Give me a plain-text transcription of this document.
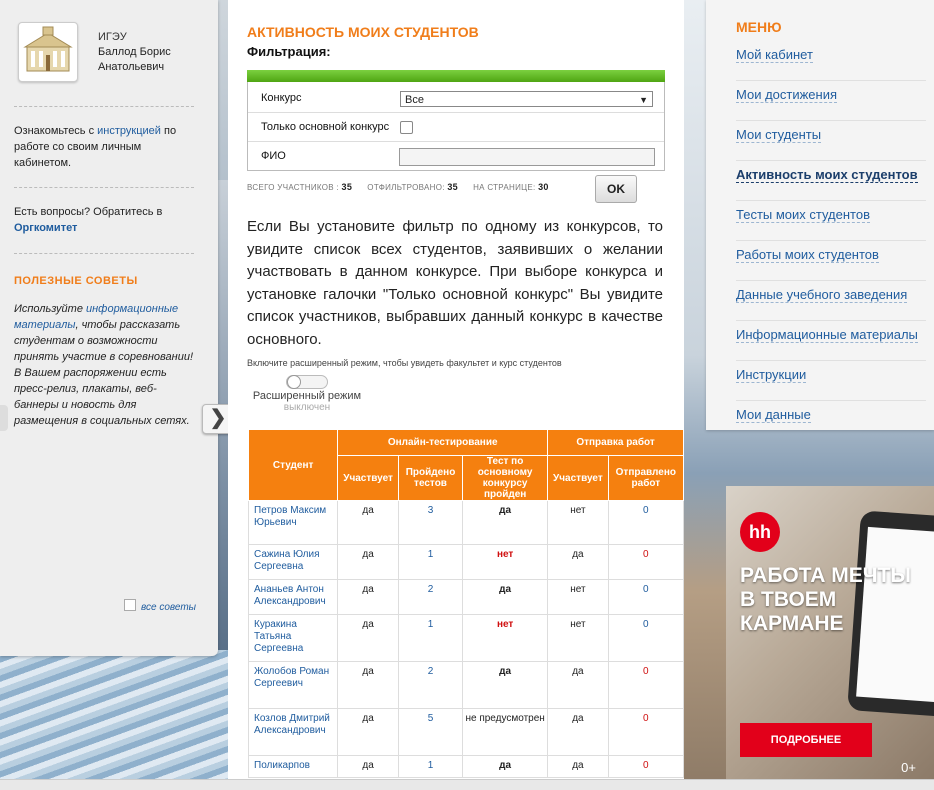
ИГЭУ
Баллод Борис Анатольевич
Ознакомьтесь с инструкцией по работе со своим личным кабинетом.
Есть вопросы? Обратитесь в Оргкомитет
ПОЛЕЗНЫЕ СОВЕТЫ
Используйте информационные материалы, чтобы рассказать студентам о возможности принять участие в соревновании! В Вашем распоряжении есть пресс-релиз, плакаты, веб-баннеры и новость для размещения в социальных сетях.
все советы
❯
АКТИВНОСТЬ МОИХ СТУДЕНТОВ
Фильтрация:
Конкурс	Все	▼
Только основной конкурс
ФИО
ВСЕГО УЧАСТНИКОВ : 35 ОТФИЛЬТРОВАНО: 35 НА СТРАНИЦЕ: 30	OK
Если Вы установите фильтр по одному из конкурсов, то увидите список всех студентов, заявивших о желании участвовать в данном конкурсе. При выборе конкурса и установке галочки "Только основной конкурс" Вы увидите список участников, выбравших данный конкурс в качестве основного.
Включите расширенный режим, чтобы увидеть факультет и курс студентов
Расширенный режим
выключен
Студент	Онлайн-тестирование			Отправка работ	
	Участвует	Пройдено тестов	Тест по основному конкурсу пройден	Участвует	Отправлено работ
Петров Максим Юрьевич	да	3	да	нет	0
Сажина Юлия Сергеевна	да	1	нет	да	0
Ананьев Антон Александрович	да	2	да	нет	0
Куракина Татьяна Сергеевна	да	1	нет	нет	0
Жолобов Роман Сергеевич	да	2	да	да	0
Козлов Дмитрий Александрович	да	5	не предусмотрен	да	0
Поликарпов	да	1	да	да	0
МЕНЮ
Мой кабинет
Мои достижения
Мои студенты
Активность моих студентов
Тесты моих студентов
Работы моих студентов
Данные учебного заведения
Информационные материалы
Инструкции
Мои данные
hh
РАБОТА МЕЧТЫ В ТВОЕМ КАРМАНЕ
ПОДРОБНЕЕ
0+
